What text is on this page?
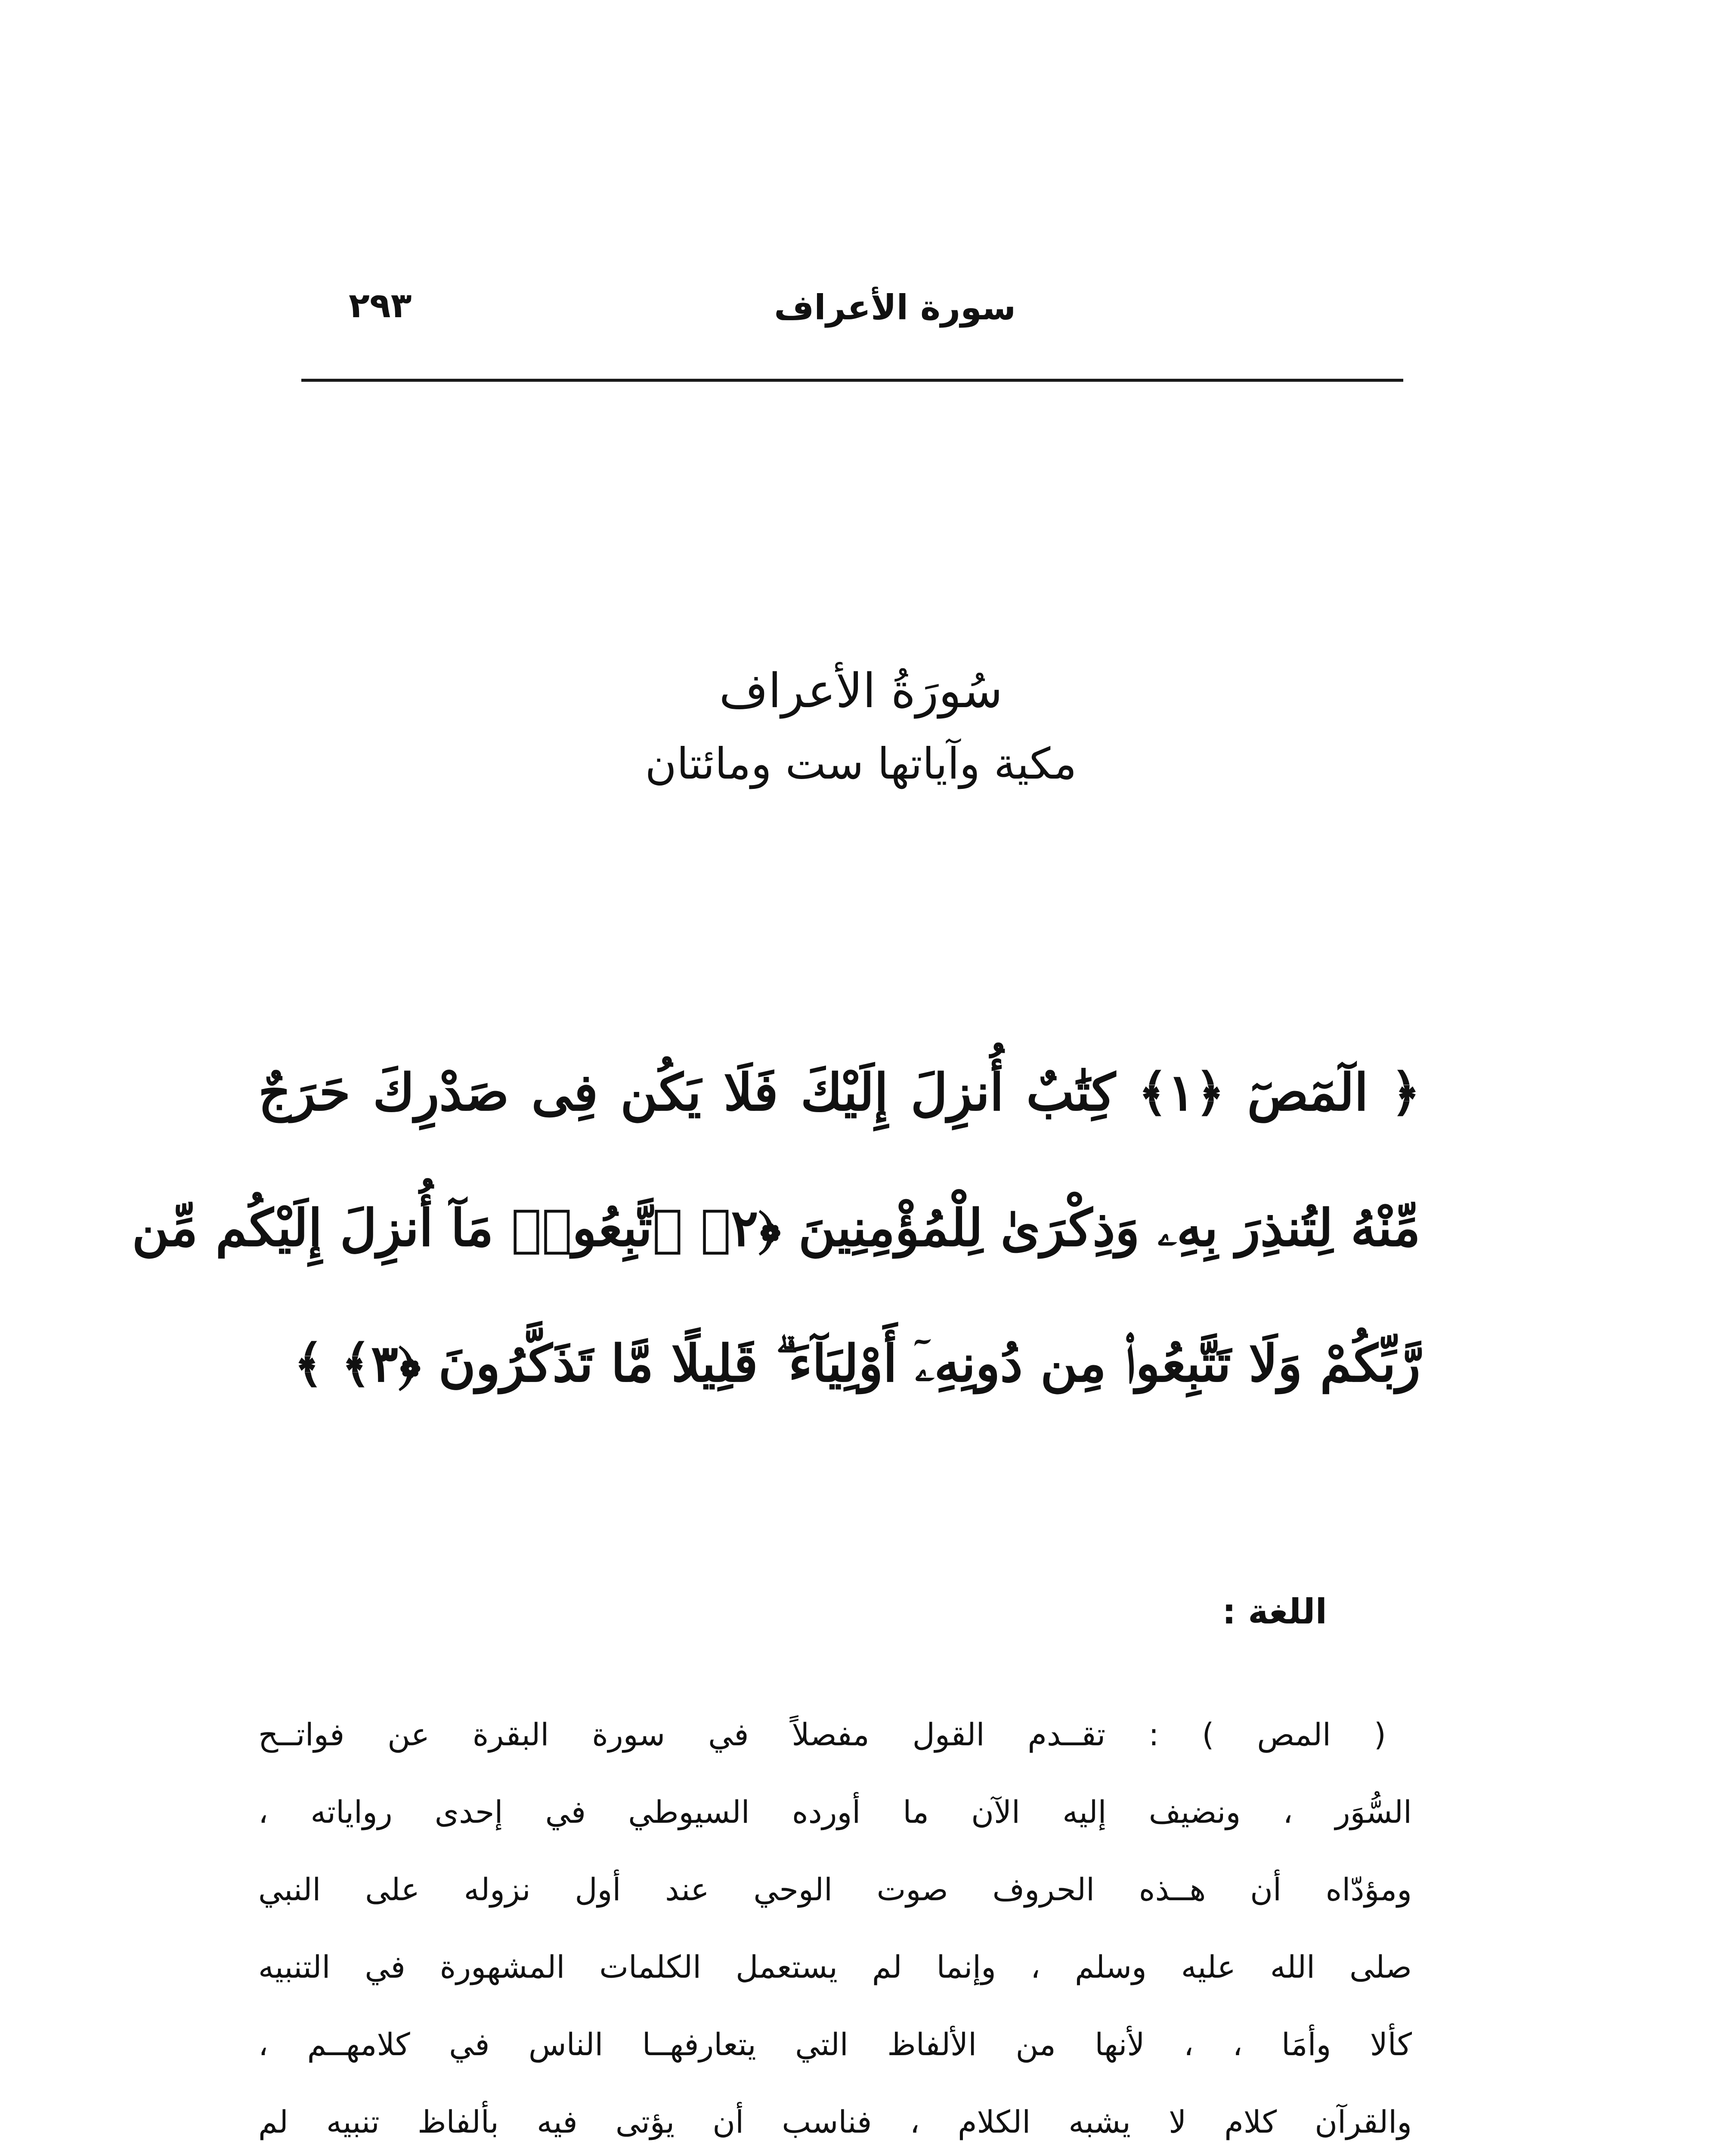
سورة الأعراف
٢٩٣
سُورَةُ الأعراف
مكية وآياتها ست ومائتان
﴿ الٓمٓصٓ ﴿١﴾ كِتَٰبٌ أُنزِلَ إِلَيْكَ فَلَا يَكُن فِى صَدْرِكَ حَرَجٌ
مِّنْهُ لِتُنذِرَ بِهِۦ وَذِكْرَىٰ لِلْمُؤْمِنِينَ ﴿٢﴾ ٱتَّبِعُوا۟ مَآ أُنزِلَ إِلَيْكُم مِّن
رَّبِّكُمْ وَلَا تَتَّبِعُوا۟ مِن دُونِهِۦٓ أَوْلِيَآءَ ۗ قَلِيلًا مَّا تَذَكَّرُونَ ﴿٣﴾ ﴾
اللغة :
( المص ) : تقــدم القول مفصلاً في سورة البقرة عن فواتــح
السُّوَر ، ونضيف إليه الآن ما أورده السيوطي في إحدى رواياته ،
ومؤدّاه أن هــذه الحروف صوت الوحي عند أول نزوله على النبي
صلى الله عليه وسلم ، وإنما لم يستعمل الكلمات المشهورة في التنبيه
كألا وأمَا ، ، لأنها من الألفاظ التي يتعارفهــا الناس في كلامهــم ،
والقرآن كلام لا يشبه الكلام ، فناسب أن يؤتى فيه بألفاظ تنبيه لم
